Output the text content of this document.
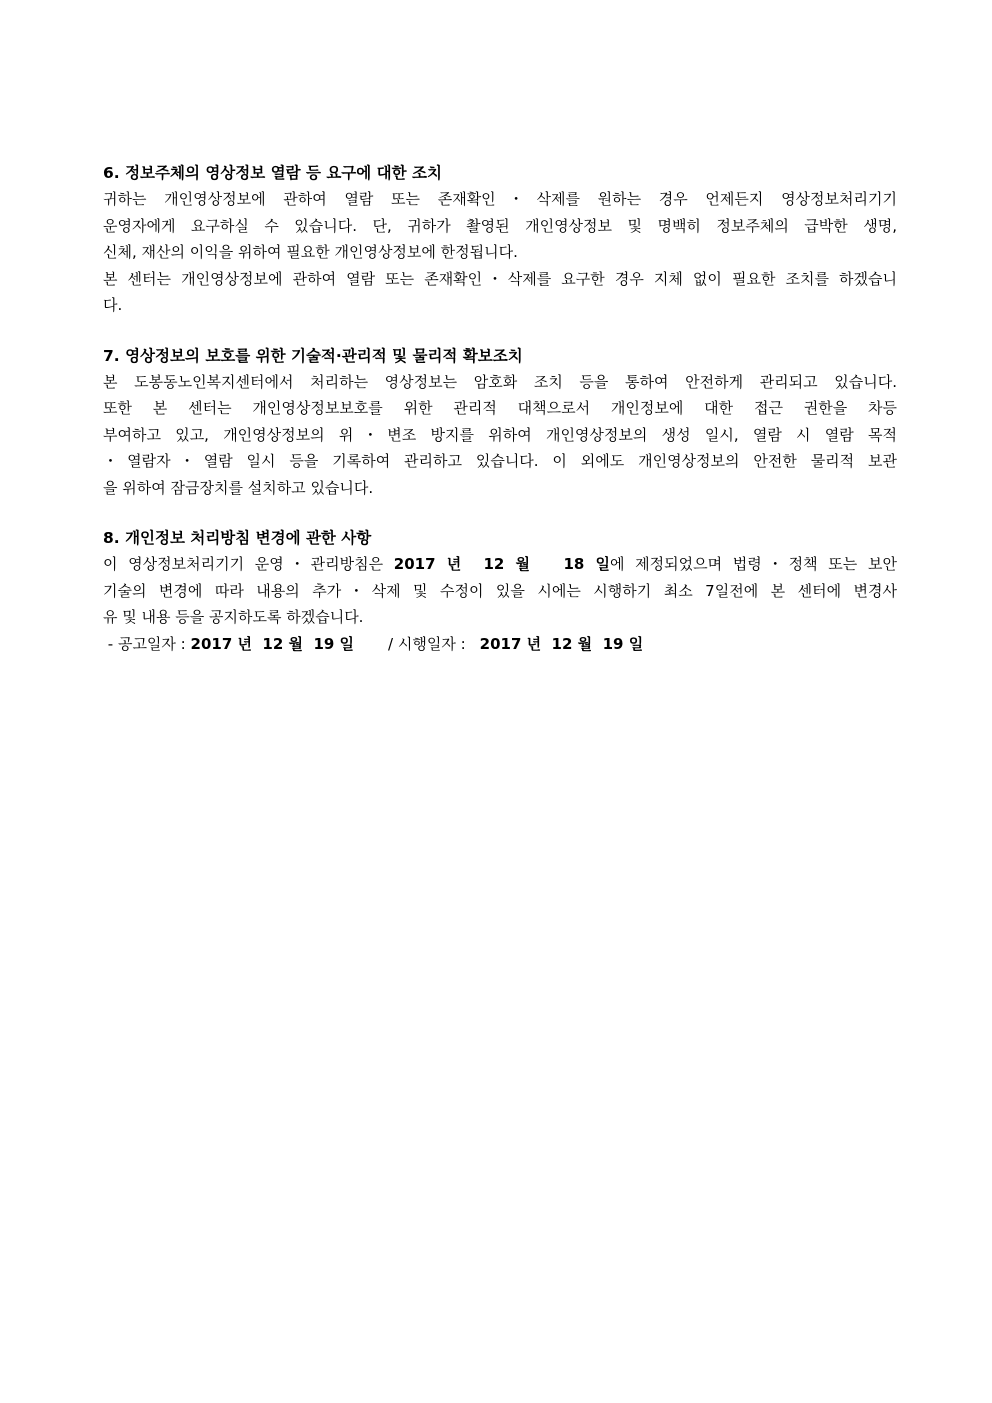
6. 정보주체의 영상정보 열람 등 요구에 대한 조치
귀하는 개인영상정보에 관하여 열람 또는 존재확인・삭제를 원하는 경우 언제든지 영상정보처리기기
운영자에게 요구하실 수 있습니다. 단, 귀하가 촬영된 개인영상정보 및 명백히 정보주체의 급박한 생명,
신체, 재산의 이익을 위하여 필요한 개인영상정보에 한정됩니다.
본 센터는 개인영상정보에 관하여 열람 또는 존재확인・삭제를 요구한 경우 지체 없이 필요한 조치를 하겠습니
다.
7. 영상정보의 보호를 위한 기술적·관리적 및 물리적 확보조치
본 도봉동노인복지센터에서 처리하는 영상정보는 암호화 조치 등을 통하여 안전하게 관리되고 있습니다.
또한 본 센터는 개인영상정보보호를 위한 관리적 대책으로서 개인정보에 대한 접근 권한을 차등
부여하고 있고, 개인영상정보의 위・변조 방지를 위하여 개인영상정보의 생성 일시, 열람 시 열람 목적
・열람자・열람 일시 등을 기록하여 관리하고 있습니다. 이 외에도 개인영상정보의 안전한 물리적 보관
을 위하여 잠금장치를 설치하고 있습니다.
8. 개인정보 처리방침 변경에 관한 사항
이 영상정보처리기기 운영・관리방침은 2017 년  12 월   18 일에 제정되었으며 법령・정책 또는 보안
기술의 변경에 따라 내용의 추가・삭제 및 수정이 있을 시에는 시행하기 최소 7일전에 본 센터에 변경사
유 및 내용 등을 공지하도록 하겠습니다.
- 공고일자 : 2017 년  12 월  19 일 / 시행일자 : 2017 년  12 월  19 일
